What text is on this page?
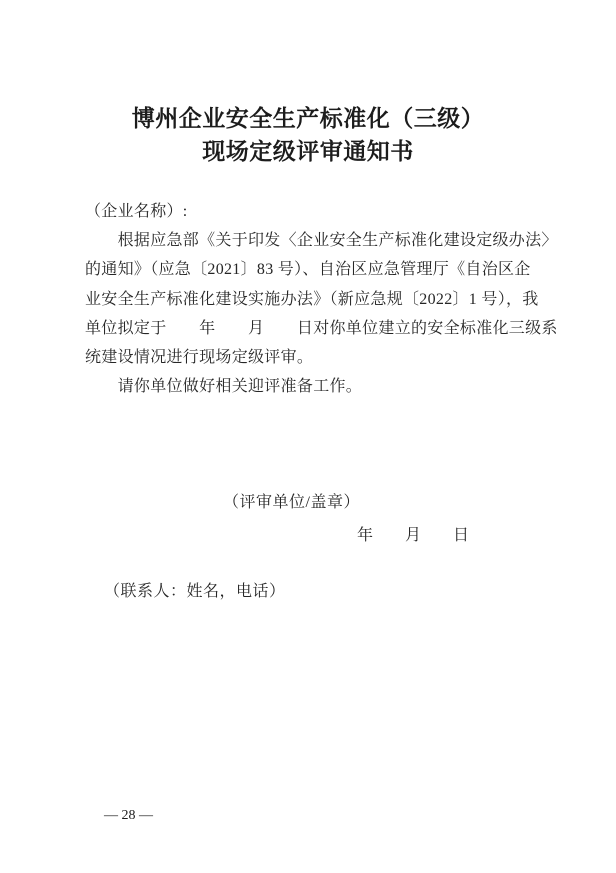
博州企业安全生产标准化（三级）
现场定级评审通知书
（企业名称）:
　　根据应急部《关于印发〈企业安全生产标准化建设定级办法〉
的通知》（应急〔2021〕83 号）、自治区应急管理厅《自治区企
业安全生产标准化建设实施办法》（新应急规〔2022〕1 号），我
单位拟定于　　年　　月　　日对你单位建立的安全标准化三级系
统建设情况进行现场定级评审。
　　请你单位做好相关迎评准备工作。
（评审单位/盖章）
年　　月　　日
（联系人：姓名，电话）
— 28 —
